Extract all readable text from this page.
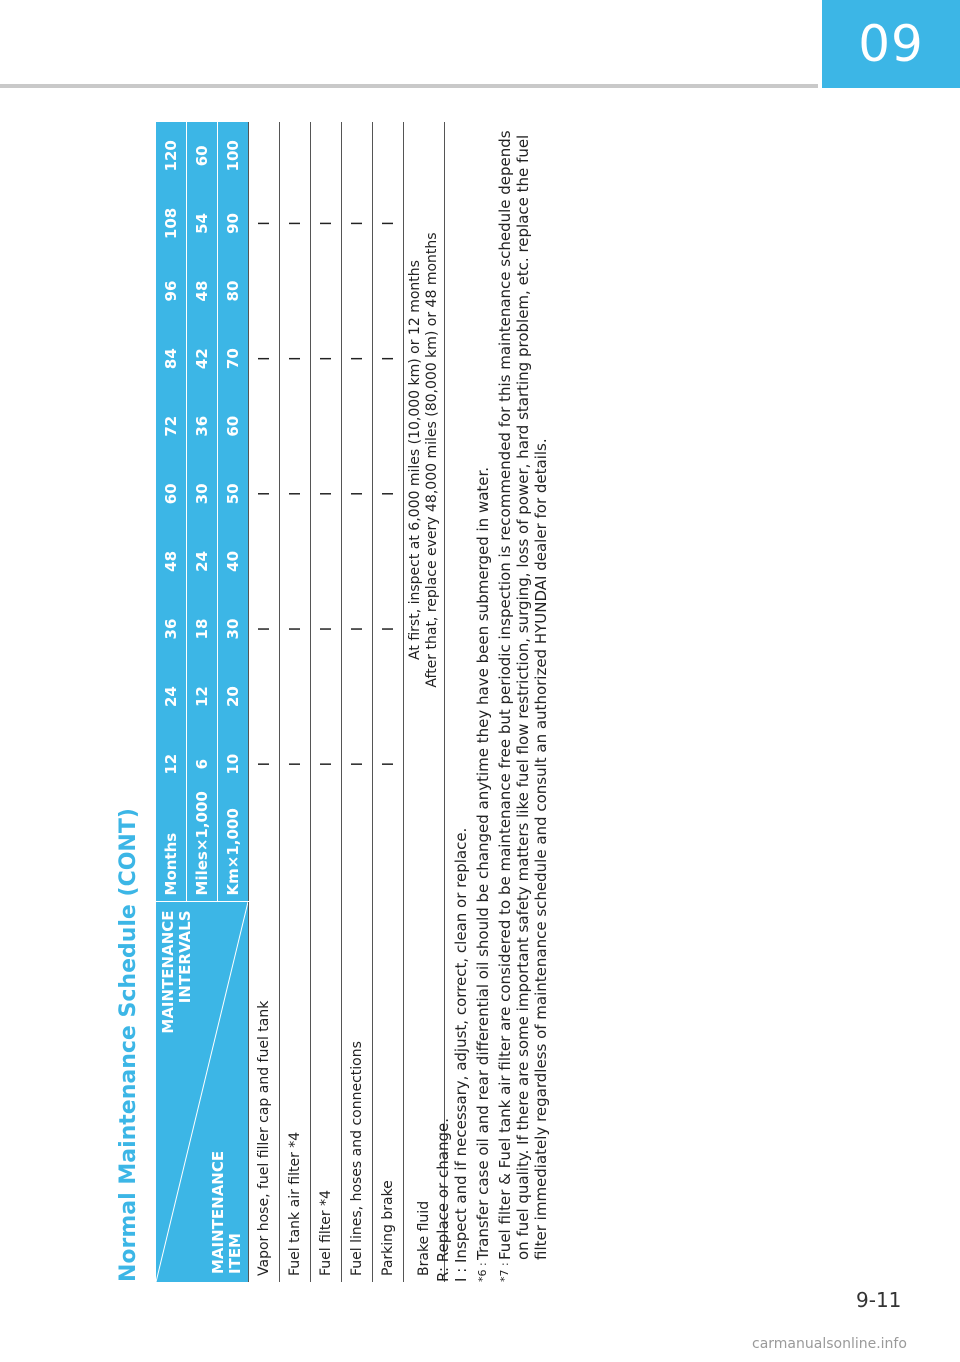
09
Normal Maintenance Schedule (CONT)	MAINTENANCE INTERVALS
MAINTENANCE ITEM	Months	12	24	36	48	60	72	84	96	108	120
	Miles×1,000	6	12	18	24	30	36	42	48	54	60
	Km×1,000	10	20	30	40	50	60	70	80	90	100
Vapor hose, fuel filler cap and fuel tank		I		I		I		I		I	
Fuel tank air filter *4		I		I		I		I		I	
Fuel filter *4		I		I		I		I		I	
Fuel lines, hoses and connections		I		I		I		I		I	
Parking brake		I		I		I		I		I	
Brake fluid		At first, inspect at 6,000 miles (10,000 km) or 12 months After that, replace every 48,000 miles (80,000 km) or 48 months									
R: Replace or change. I : Inspect and if necessary, adjust, correct, clean or replace. *6 :
Transfer case oil and rear differential oil should be changed anytime they have been submerged in water.
*7 :
Fuel filter & Fuel tank air filter are considered to be maintenance free but periodic inspection is recommended for this maintenance schedule depends on fuel quality. If there are some important safety matters like fuel flow restriction, surging, loss of power, hard starting problem, etc. replace the fuel filter immediately regardless of maintenance schedule and consult an authorized HYUNDAI dealer for details.
9-11
carmanualsonline.info
